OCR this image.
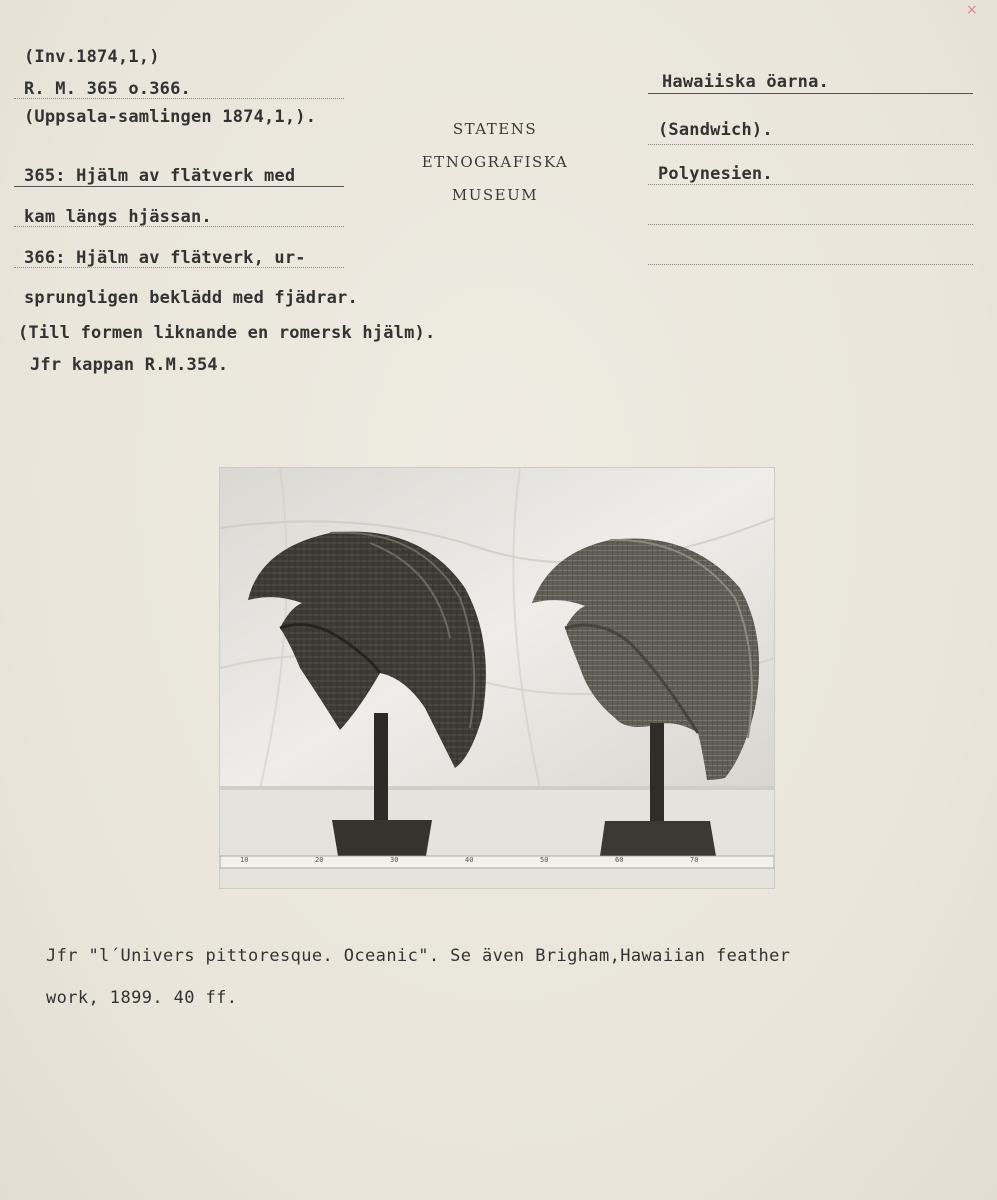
×
(Inv.1874,1,)
R. M. 365 o.366.
(Uppsala-samlingen 1874,1,).
365: Hjälm av flätverk med
kam längs hjässan.
366: Hjälm av flätverk, ur-
sprungligen beklädd med fjädrar.
(Till formen liknande en romersk hjälm).
Jfr kappan R.M.354.
STATENS
ETNOGRAFISKA
MUSEUM
Hawaiiska öarna.
(Sandwich).
Polynesien.
10	20	30	40	50	60	70
Jfr "l´Univers pittoresque. Oceanic". Se även Brigham,Hawaiian feather
work, 1899. 40 ff.
